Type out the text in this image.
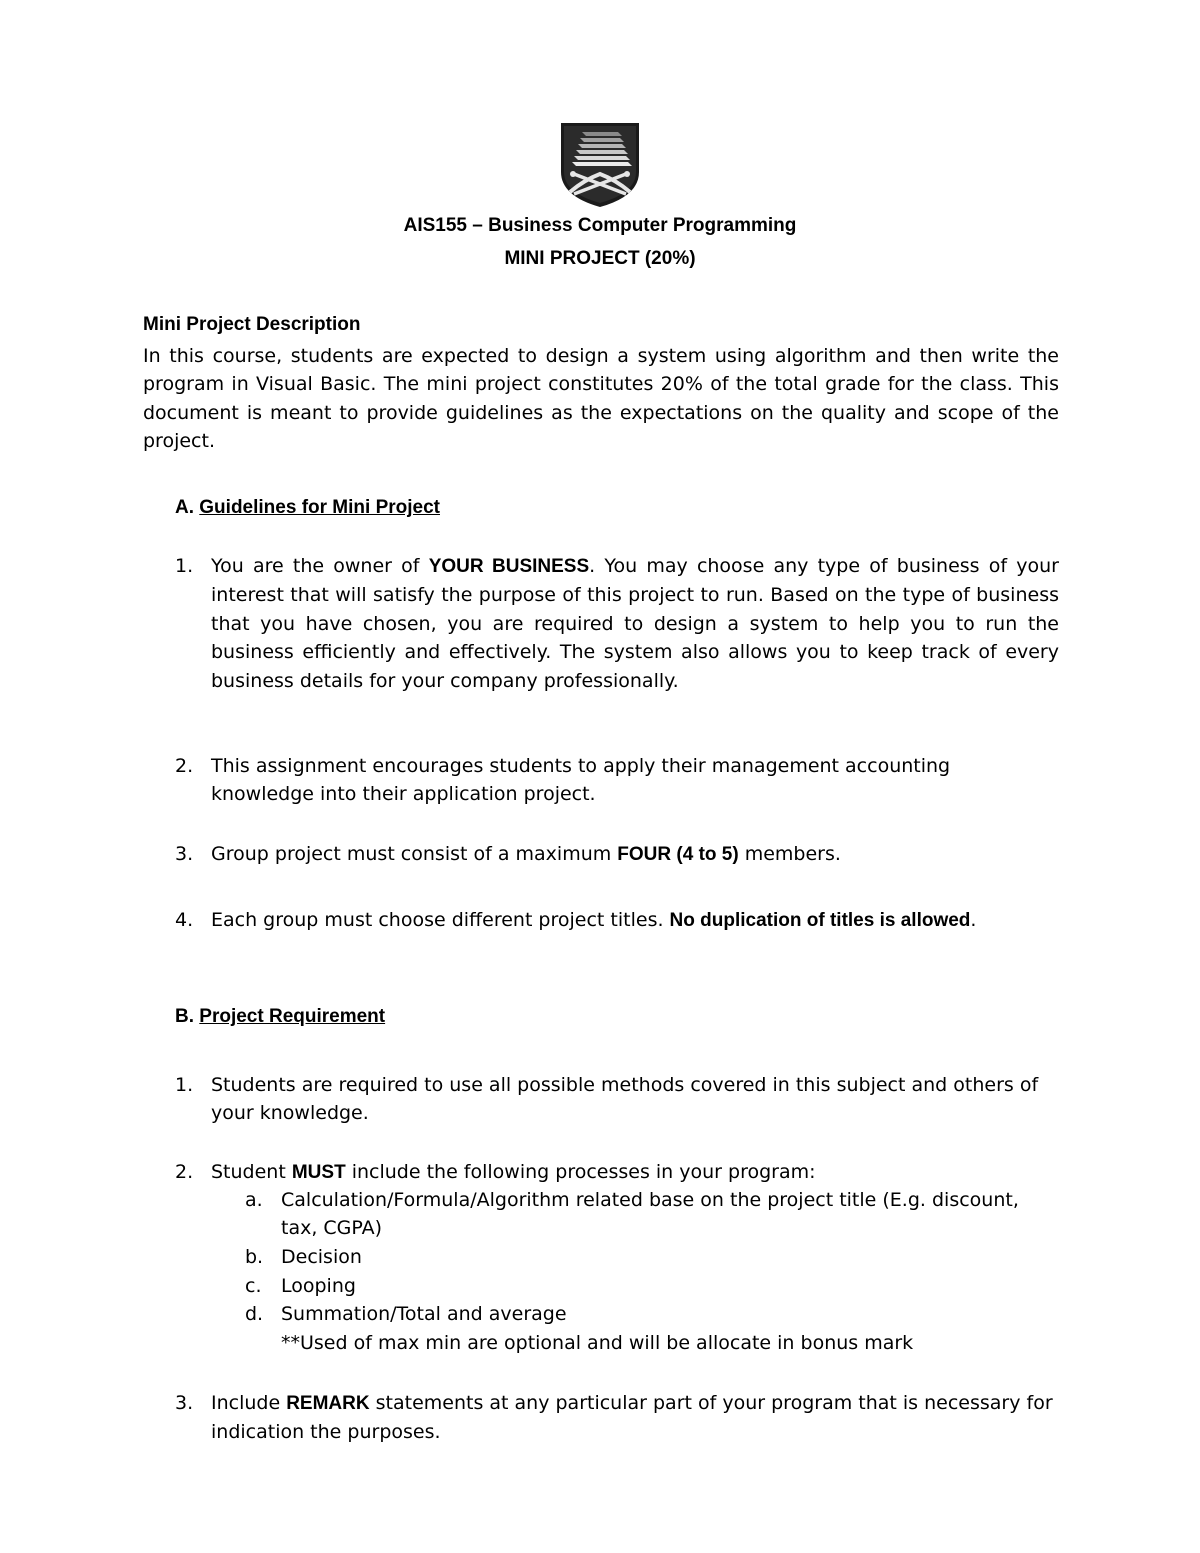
AIS155 – Business Computer Programming
MINI PROJECT (20%)
Mini Project Description

In this course, students are expected to design a system using algorithm and then write the program in Visual Basic. The mini project constitutes 20% of the total grade for the class. This document is meant to provide guidelines as the expectations on the quality and scope of the project.

A. Guidelines for Mini Project
1. You are the owner of YOUR BUSINESS. You may choose any type of business of your interest that will satisfy the purpose of this project to run. Based on the type of business that you have chosen, you are required to design a system to help you to run the business efficiently and effectively. The system also allows you to keep track of every business details for your company professionally.

2. This assignment encourages students to apply their management accounting knowledge into their application project.

3. Group project must consist of a maximum FOUR (4 to 5) members.

4. Each group must choose different project titles. No duplication of titles is allowed.

B. Project Requirement
1. Students are required to use all possible methods covered in this subject and others of your knowledge.

2. Student MUST include the following processes in your program:

a. Calculation/Formula/Algorithm related base on the project title (E.g. discount, tax, CGPA)

b. Decision

c. Looping

d. Summation/Total and average

**Used of max min are optional and will be allocate in bonus mark

3. Include REMARK statements at any particular part of your program that is necessary for indication the purposes.
